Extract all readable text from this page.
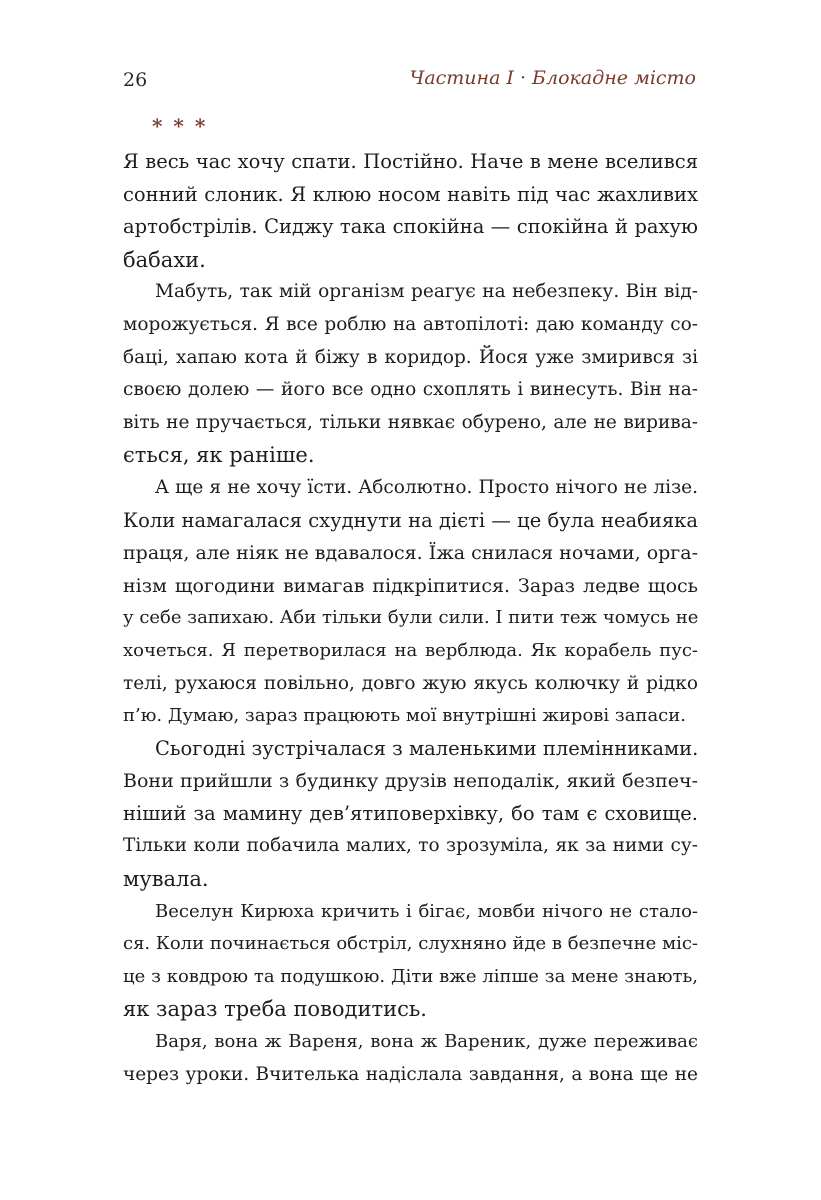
26	Частина I · Блокадне місто
* * *
Я весь час хочу спати. Постійно. Наче в мене вселився
сонний слоник. Я клюю носом навіть під час жахливих
артобстрілів. Сиджу така спокійна — спокійна й рахую
бабахи.
Мабуть, так мій організм реагує на небезпеку. Він від-
морожується. Я все роблю на автопілоті: даю команду со-
баці, хапаю кота й біжу в коридор. Йося уже змирився зі
своєю долею — його все одно схоплять і винесуть. Він на-
віть не пручається, тільки нявкає обурено, але не вирива-
ється, як раніше.
А ще я не хочу їсти. Абсолютно. Просто нічого не лізе.
Коли намагалася схуднути на дієті — це була неабияка
праця, але ніяк не вдавалося. Їжа снилася ночами, орга-
нізм щогодини вимагав підкріпитися. Зараз ледве щось
у себе запихаю. Аби тільки були сили. І пити теж чомусь не
хочеться. Я перетворилася на верблюда. Як корабель пус-
телі, рухаюся повільно, довго жую якусь колючку й рідко
п’ю. Думаю, зараз працюють мої внутрішні жирові запаси.
Сьогодні зустрічалася з маленькими племінниками.
Вони прийшли з будинку друзів неподалік, який безпеч-
ніший за мамину дев’ятиповерхівку, бо там є сховище.
Тільки коли побачила малих, то зрозуміла, як за ними су-
мувала.
Веселун Кирюха кричить і бігає, мовби нічого не стало-
ся. Коли починається обстріл, слухняно йде в безпечне міс-
це з ковдрою та подушкою. Діти вже ліпше за мене знають,
як зараз треба поводитись.
Варя, вона ж Вареня, вона ж Вареник, дуже переживає
через уроки. Вчителька надіслала завдання, а вона ще не
